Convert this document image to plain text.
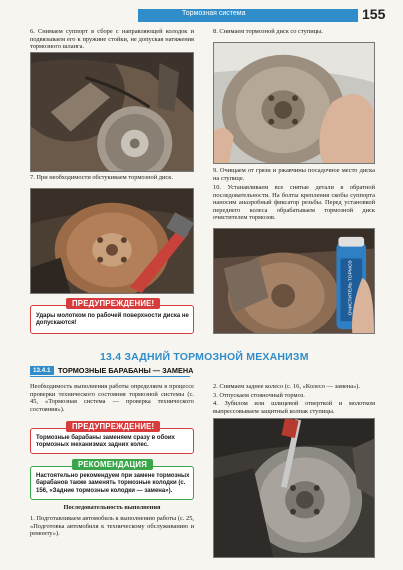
Тормозная система	155
6. Снимаем суппорт в сборе с направляющей колодок и подвязываем его к пружине стойки, не допуская натяжения тормозного шланга.
7. При необходимости обстукиваем тормозной диск.
ПРЕДУПРЕЖДЕНИЕ!
Удары молотком по рабочей поверхности диска не допускаются!
8. Снимаем тормозной диск со ступицы.
9. Очищаем от грязи и ржавчины посадочное место диска на ступице.
10. Устанавливаем все снятые детали в обратной последовательности. На болты крепления скобы суппорта наносим анаэробный фиксатор резьбы. Перед установкой переднего колеса обрабатываем тормозной диск очистителем тормозов.
ОЧИСТИТЕЛЬ ТОРМОЗ
13.4 ЗАДНИЙ ТОРМОЗНОЙ МЕХАНИЗМ
13.4.1	ТОРМОЗНЫЕ БАРАБАНЫ — ЗАМЕНА
Необходимость выполнения работы определяем в процессе проверки технического состояния тормозной системы (с. 45, «Тормозная система — проверка технического состояния»).
ПРЕДУПРЕЖДЕНИЕ!
Тормозные барабаны заменяем сразу в обоих тормозных механизмах задних колес.
РЕКОМЕНДАЦИЯ
Настоятельно рекомендуем при замене тормозных барабанов также заменять тормозные колодки (с. 156, «Задние тормозные колодки — замена»).
Последовательность выполнения
1. Подготавливаем автомобиль к выполнению работы (с. 25, «Подготовка автомобиля к техническому обслуживанию и ремонту»).
2. Снимаем заднее колесо (с. 16, «Колесо — замена»).
3. Отпускаем стояночный тормоз.
4. Зубилом или шлицевой отверткой и молотком выпрессовываем защитный колпак ступицы.
